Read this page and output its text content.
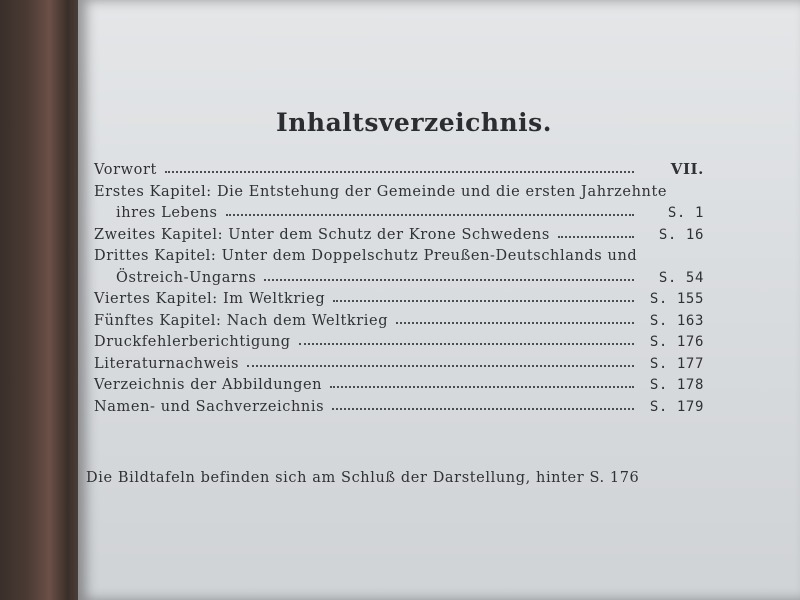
Inhaltsverzeichnis.
Vorwort	VII.
Erstes Kapitel: Die Entstehung der Gemeinde und die ersten Jahrzehnte
ihres Lebens	S. 1
Zweites Kapitel: Unter dem Schutz der Krone Schwedens	S. 16
Drittes Kapitel: Unter dem Doppelschutz Preußen-Deutschlands und
Östreich-Ungarns	S. 54
Viertes Kapitel: Im Weltkrieg	S. 155
Fünftes Kapitel: Nach dem Weltkrieg	S. 163
Druckfehlerberichtigung	S. 176
Literaturnachweis	S. 177
Verzeichnis der Abbildungen	S. 178
Namen- und Sachverzeichnis	S. 179
Die Bildtafeln befinden sich am Schluß der Darstellung, hinter S. 176
